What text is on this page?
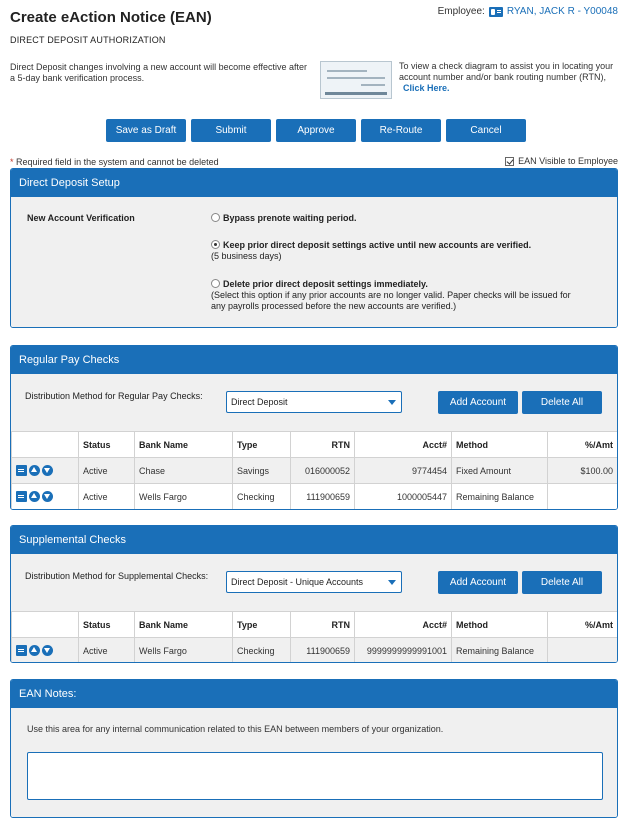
Create eAction Notice (EAN)	Employee: RYAN, JACK R - Y00048
DIRECT DEPOSIT AUTHORIZATION
Direct Deposit changes involving a new account will become effective after a 5-day bank verification process.
To view a check diagram to assist you in locating your account number and/or bank routing number (RTN), Click Here.
Save as Draft	Submit	Approve	Re-Route	Cancel
* Required field in the system and cannot be deleted	EAN Visible to Employee
Direct Deposit Setup
New Account Verification	Bypass prenote waiting period.
Keep prior direct deposit settings active until new accounts are verified.
(5 business days)
Delete prior direct deposit settings immediately.
(Select this option if any prior accounts are no longer valid. Paper checks will be issued for any payrolls processed before the new accounts are verified.)
Regular Pay Checks
Distribution Method for Regular Pay Checks:
Direct Deposit	Add Account	Delete All
	Status	Bank Name	Type	RTN	Acct#	Method	%/Amt
	Active	Chase	Savings	016000052	9774454	Fixed Amount	$100.00
	Active	Wells Fargo	Checking	111900659	1000005447	Remaining Balance	
Supplemental Checks
Distribution Method for Supplemental Checks:
Direct Deposit - Unique Accounts	Add Account	Delete All
	Status	Bank Name	Type	RTN	Acct#	Method	%/Amt
	Active	Wells Fargo	Checking	111900659	9999999999991001	Remaining Balance	
EAN Notes:
Use this area for any internal communication related to this EAN between members of your organization.
